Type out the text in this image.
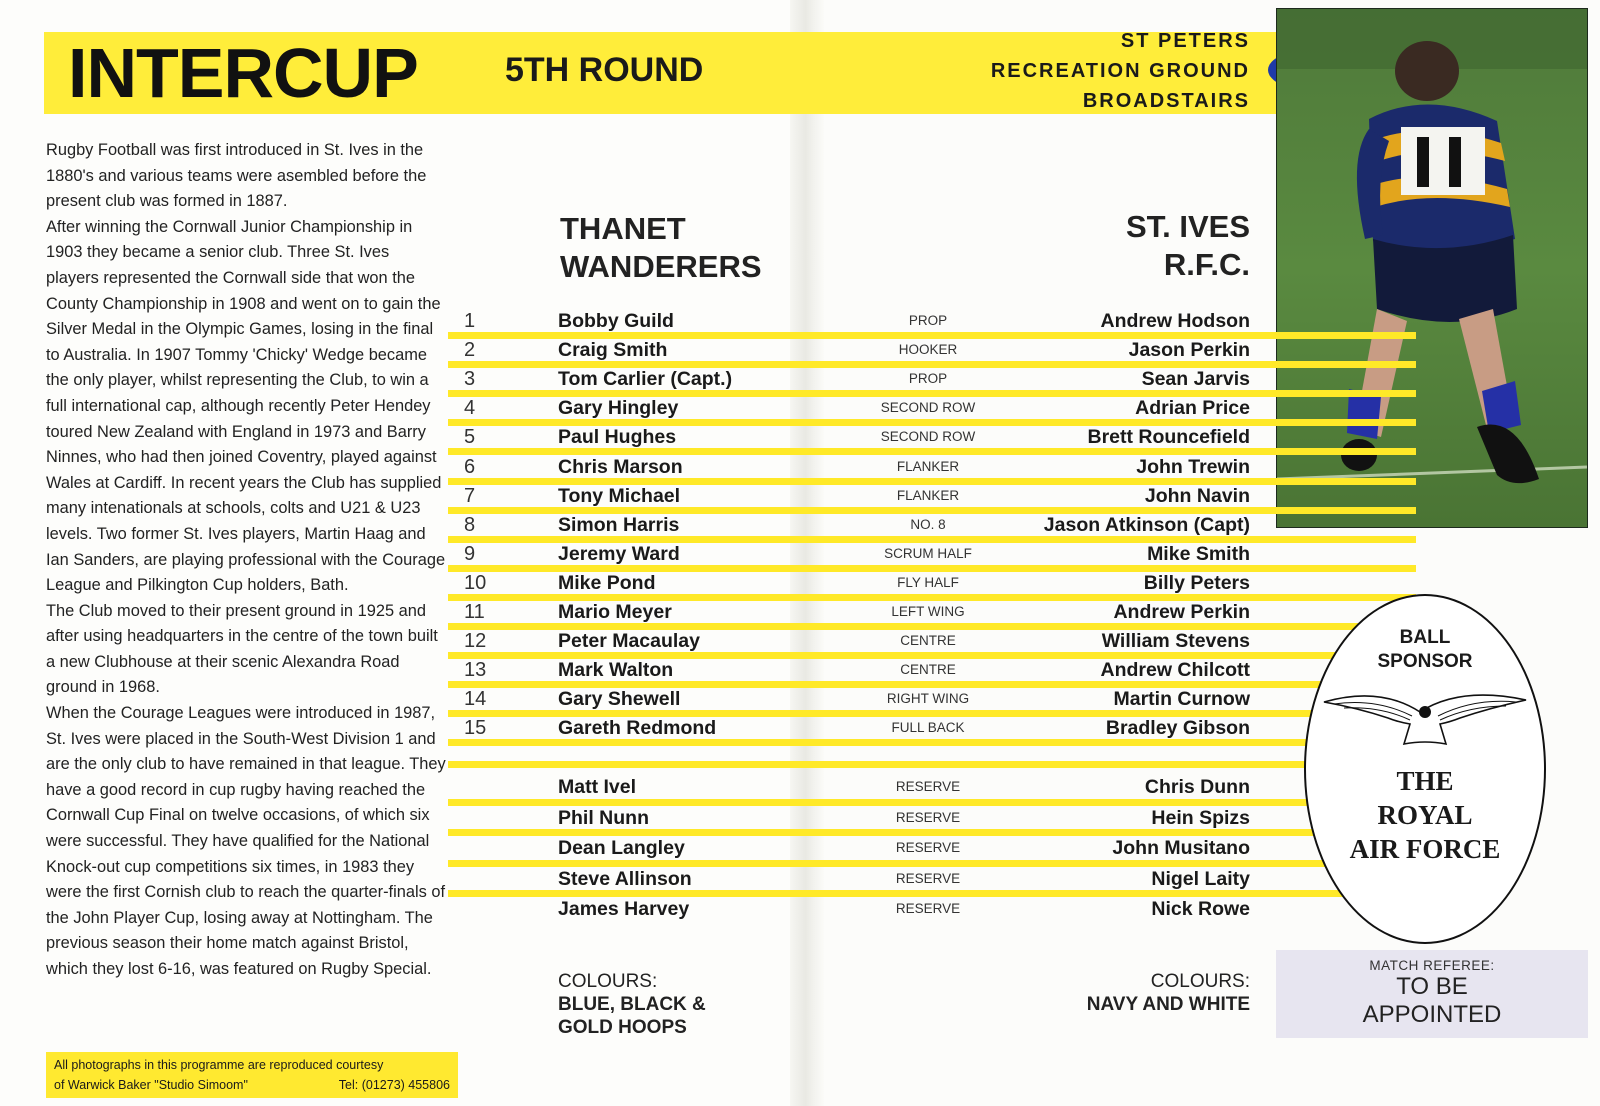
INTERCUP	5TH ROUND
ST PETERS
RECREATION GROUND
BROADSTAIRS

Rugby Football was first introduced in St. Ives in the 1880's and various teams were asembled before the present club was formed in 1887.

After winning the Cornwall Junior Championship in 1903 they became a senior club. Three St. Ives players represented the Cornwall side that won the County Championship in 1908 and went on to gain the Silver Medal in the Olympic Games, losing in the final to Australia. In 1907 Tommy 'Chicky' Wedge became the only player, whilst representing the Club, to win a full international cap, although recently Peter Hendey toured New Zealand with England in 1973 and Barry Ninnes, who had then joined Coventry, played against Wales at Cardiff. In recent years the Club has supplied many intenationals at schools, colts and U21 & U23 levels. Two former St. Ives players, Martin Haag and Ian Sanders, are playing professional with the Courage League and Pilkington Cup holders, Bath.

The Club moved to their present ground in 1925 and after using headquarters in the centre of the town built a new Clubhouse at their scenic Alexandra Road ground in 1968.

When the Courage Leagues were introduced in 1987, St. Ives were placed in the South-West Division 1 and are the only club to have remained in that league. They have a good record in cup rugby having reached the Cornwall Cup Final on twelve occasions, of which six were successful. They have qualified for the National Knock-out cup competitions six times, in 1983 they were the first Cornish club to reach the quarter-finals of the John Player Cup, losing away at Nottingham. The previous season their home match against Bristol, which they lost 6-16, was featured on Rugby Special.

THANET
WANDERERS
ST. IVES
R.F.C.
1	Bobby Guild	PROP	Andrew Hodson
2	Craig Smith	HOOKER	Jason Perkin
3	Tom Carlier (Capt.)	PROP	Sean Jarvis
4	Gary Hingley	SECOND ROW	Adrian Price
5	Paul Hughes	SECOND ROW	Brett Rouncefield
6	Chris Marson	FLANKER	John Trewin
7	Tony Michael	FLANKER	John Navin
8	Simon Harris	NO. 8	Jason Atkinson (Capt)
9	Jeremy Ward	SCRUM HALF	Mike Smith
10	Mike Pond	FLY HALF	Billy Peters
11	Mario Meyer	LEFT WING	Andrew Perkin
12	Peter Macaulay	CENTRE	William Stevens
13	Mark Walton	CENTRE	Andrew Chilcott
14	Gary Shewell	RIGHT WING	Martin Curnow
15	Gareth Redmond	FULL BACK	Bradley Gibson
Matt Ivel	RESERVE	Chris Dunn
Phil Nunn	RESERVE	Hein Spizs
Dean Langley	RESERVE	John Musitano
Steve Allinson	RESERVE	Nigel Laity
James Harvey	RESERVE	Nick Rowe
COLOURS:
BLUE, BLACK &
GOLD HOOPS
COLOURS:
NAVY AND WHITE
BALL
SPONSOR
THE
ROYAL
AIR FORCE
MATCH REFEREE:
TO BE
APPOINTED
All photographs in this programme are reproduced courtesy
of Warwick Baker "Studio Simoom"	Tel: (01273) 455806
